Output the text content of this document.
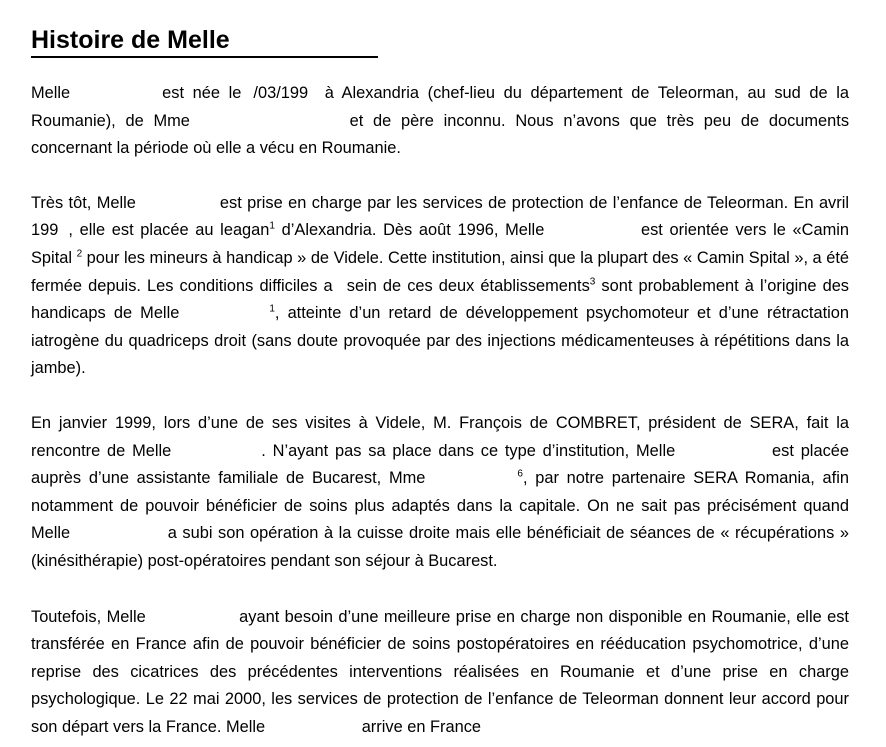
Histoire de Melle

Melle	est née le /03/199 à Alexandria (chef-lieu du département de Teleorman, au sud de la Roumanie), de Mme	et de père inconnu. Nous n’avons que très peu de documents concernant la période où elle a vécu en Roumanie.

Très tôt, Melle	est prise en charge par les services de protection de l’enfance de Teleorman. En avril 199 , elle est placée au leagan$^1$ d’Alexandria. Dès août 1996, Melle	est orientée vers le «Camin Spital $^2$ pour les mineurs à handicap » de Videle. Cette institution, ainsi que la plupart des « Camin Spital », a été fermée depuis. Les conditions difficiles a sein de ces deux établissements$^3$ sont probablement à l’origine des handicaps de Melle	$^1$, atteinte d’un retard de développement psychomoteur et d’une rétractation iatrogène du quadriceps droit (sans doute provoquée par des injections médicamenteuses à répétitions dans la jambe).

En janvier 1999, lors d’une de ses visites à Videle, M. François de COMBRET, président de SERA, fait la rencontre de Melle	. N’ayant pas sa place dans ce type d’institution, Melle	est placée auprès d’une assistante familiale de Bucarest, Mme	$^6$, par notre partenaire SERA Romania, afin notamment de pouvoir bénéficier de soins plus adaptés dans la capitale. On ne sait pas précisément quand Melle	a subi son opération à la cuisse droite mais elle bénéficiait de séances de « récupérations » (kinésithérapie) post-opératoires pendant son séjour à Bucarest.

Toutefois, Melle	ayant besoin d’une meilleure prise en charge non disponible en Roumanie, elle est transférée en France afin de pouvoir bénéficier de soins postopératoires en rééducation psychomotrice, d’une reprise des cicatrices des précédentes interventions réalisées en Roumanie et d’une prise en charge psychologique. Le 22 mai 2000, les services de protection de l’enfance de Teleorman donnent leur accord pour son départ vers la France. Melle	arrive en France
